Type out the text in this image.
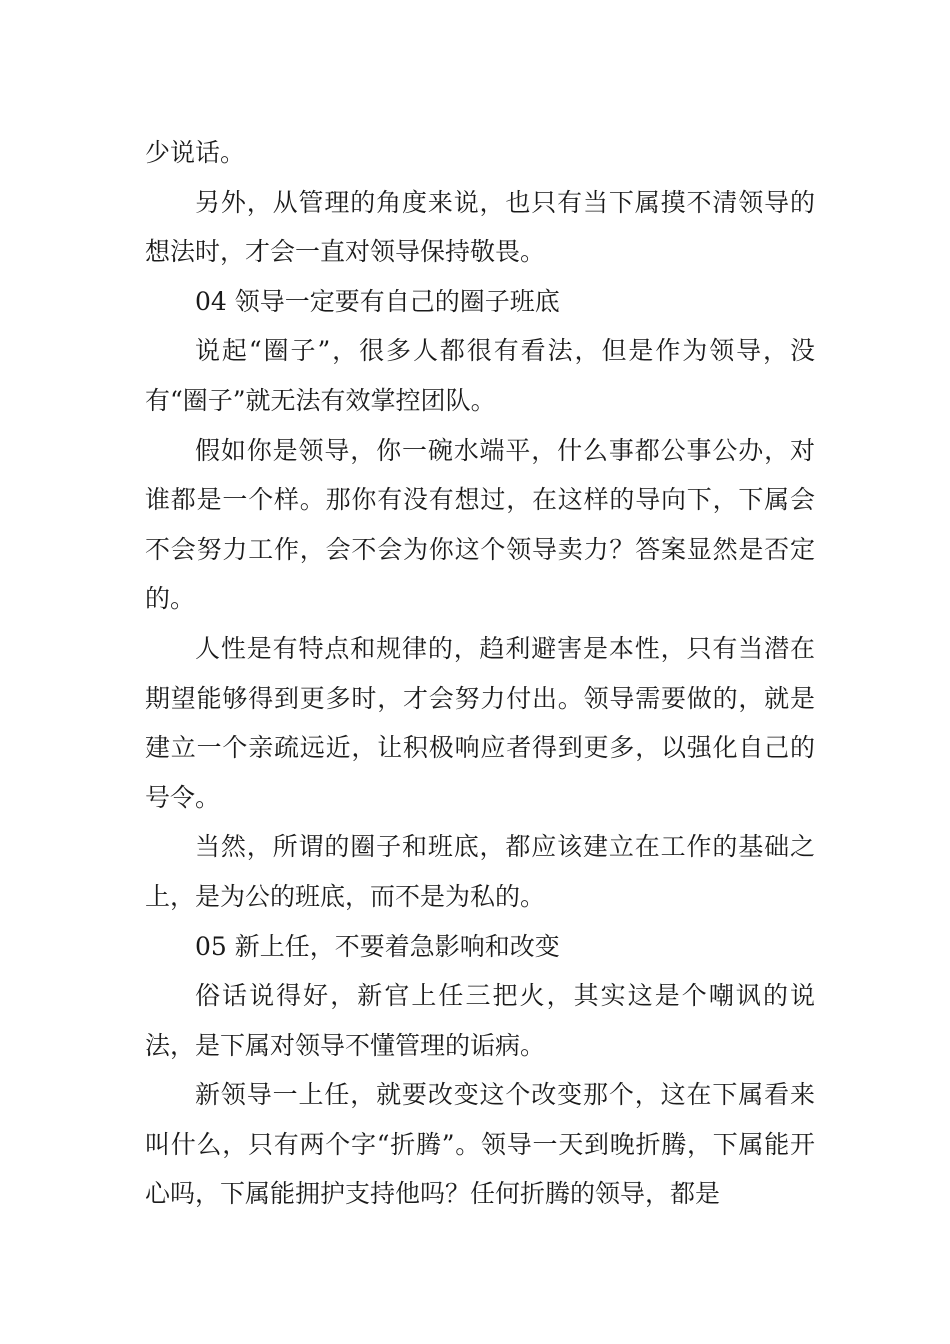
少说话。

另外，从管理的角度来说，也只有当下属摸不清领导的想法时，才会一直对领导保持敬畏。

04 领导一定要有自己的圈子班底

说起“圈子”，很多人都很有看法，但是作为领导，没有“圈子”就无法有效掌控团队。

假如你是领导，你一碗水端平，什么事都公事公办，对谁都是一个样。那你有没有想过，在这样的导向下，下属会不会努力工作，会不会为你这个领导卖力？答案显然是否定的。

人性是有特点和规律的，趋利避害是本性，只有当潜在期望能够得到更多时，才会努力付出。领导需要做的，就是建立一个亲疏远近，让积极响应者得到更多，以强化自己的号令。

当然，所谓的圈子和班底，都应该建立在工作的基础之上，是为公的班底，而不是为私的。

05 新上任，不要着急影响和改变

俗话说得好，新官上任三把火，其实这是个嘲讽的说法，是下属对领导不懂管理的诟病。

新领导一上任，就要改变这个改变那个，这在下属看来叫什么，只有两个字“折腾”。领导一天到晚折腾，下属能开心吗，下属能拥护支持他吗？任何折腾的领导，都是
